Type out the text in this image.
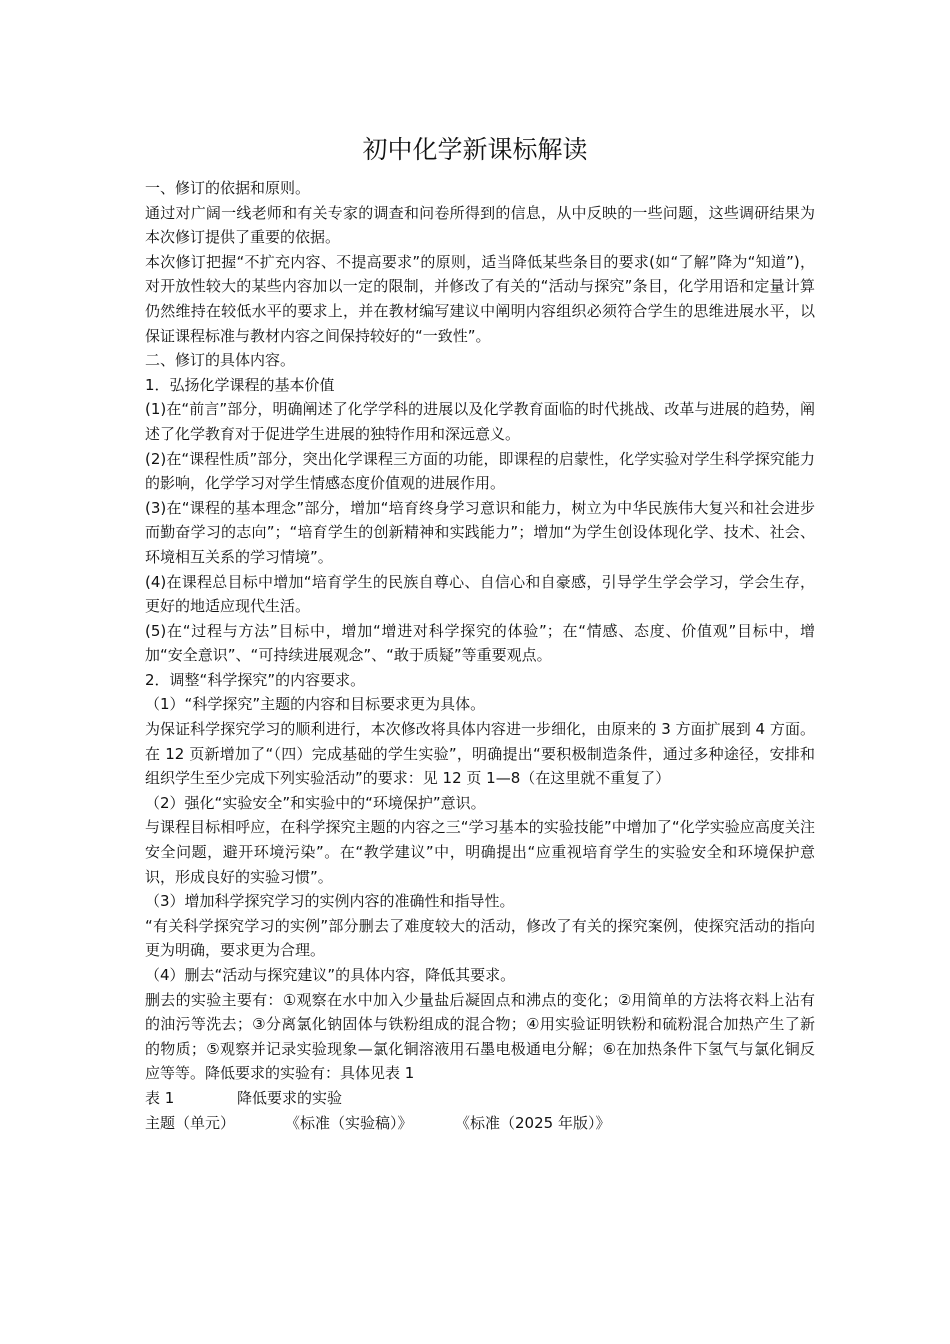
初中化学新课标解读

一、修订的依据和原则。

通过对广阔一线老师和有关专家的调查和问卷所得到的信息，从中反映的一些问题，这些调研结果为本次修订提供了重要的依据。

本次修订把握“不扩充内容、不提高要求”的原则，适当降低某些条目的要求(如“了解”降为“知道”)，对开放性较大的某些内容加以一定的限制，并修改了有关的“活动与探究”条目，化学用语和定量计算仍然维持在较低水平的要求上，并在教材编写建议中阐明内容组织必须符合学生的思维进展水平，以保证课程标准与教材内容之间保持较好的“一致性”。

二、修订的具体内容。

1．弘扬化学课程的基本价值

(1)在“前言”部分，明确阐述了化学学科的进展以及化学教育面临的时代挑战、改革与进展的趋势，阐述了化学教育对于促进学生进展的独特作用和深远意义。

(2)在“课程性质”部分，突出化学课程三方面的功能，即课程的启蒙性，化学实验对学生科学探究能力的影响，化学学习对学生情感态度价值观的进展作用。

(3)在“课程的基本理念”部分，增加“培育终身学习意识和能力，树立为中华民族伟大复兴和社会进步而勤奋学习的志向”；“培育学生的创新精神和实践能力”；增加“为学生创设体现化学、技术、社会、环境相互关系的学习情境”。

(4)在课程总目标中增加“培育学生的民族自尊心、自信心和自豪感，引导学生学会学习，学会生存，更好的地适应现代生活。

(5)在“过程与方法”目标中，增加“增进对科学探究的体验”；在“情感、态度、价值观”目标中，增加“安全意识”、“可持续进展观念”、“敢于质疑”等重要观点。

2．调整“科学探究”的内容要求。

（1）“科学探究”主题的内容和目标要求更为具体。

为保证科学探究学习的顺利进行，本次修改将具体内容进一步细化，由原来的 3 方面扩展到 4 方面。在 12 页新增加了“（四）完成基础的学生实验”，明确提出“要积极制造条件，通过多种途径，安排和组织学生至少完成下列实验活动”的要求：见 12 页 1—8（在这里就不重复了）

（2）强化“实验安全”和实验中的“环境保护”意识。

与课程目标相呼应，在科学探究主题的内容之三“学习基本的实验技能”中增加了“化学实验应高度关注安全问题，避开环境污染”。在“教学建议”中，明确提出“应重视培育学生的实验安全和环境保护意识，形成良好的实验习惯”。

（3）增加科学探究学习的实例内容的准确性和指导性。

“有关科学探究学习的实例”部分删去了难度较大的活动，修改了有关的探究案例，使探究活动的指向更为明确，要求更为合理。

（4）删去“活动与探究建议”的具体内容，降低其要求。

删去的实验主要有：①观察在水中加入少量盐后凝固点和沸点的变化；②用简单的方法将衣料上沾有的油污等洗去；③分离氯化钠固体与铁粉组成的混合物；④用实验证明铁粉和硫粉混合加热产生了新的物质；⑤观察并记录实验现象—氯化铜溶液用石墨电极通电分解；⑥在加热条件下氢气与氯化铜反应等等。降低要求的实验有：具体见表 1

表 1	降低要求的实验
主题（单元）	《标准（实验稿）》	《标准（2025 年版）》
